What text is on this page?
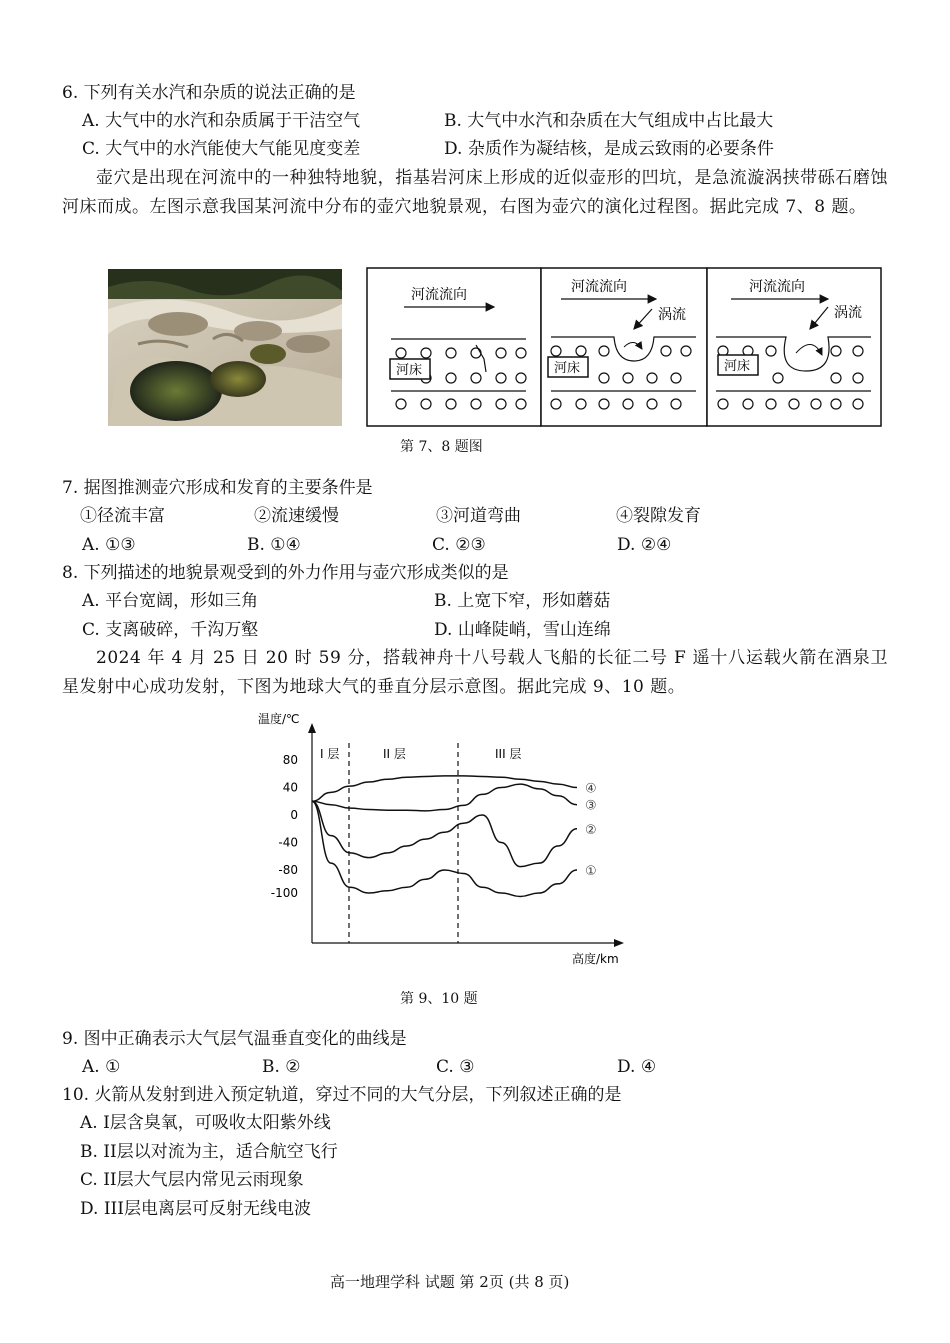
6. 下列有关水汽和杂质的说法正确的是
A. 大气中的水汽和杂质属于干洁空气	B. 大气中水汽和杂质在大气组成中占比最大
C. 大气中的水汽能使大气能见度变差	D. 杂质作为凝结核，是成云致雨的必要条件
壶穴是出现在河流中的一种独特地貌，指基岩河床上形成的近似壶形的凹坑，是急流漩涡挟带砾石磨蚀河床而成。左图示意我国某河流中分布的壶穴地貌景观，右图为壶穴的演化过程图。据此完成 7、8 题。
河流流向
河床
河流流向
涡流
河床
河流流向
涡流
河床
第 7、8 题图
7. 据图推测壶穴形成和发育的主要条件是
①径流丰富	②流速缓慢	③河道弯曲	④裂隙发育
A. ①③	B. ①④	C. ②③	D. ②④
8. 下列描述的地貌景观受到的外力作用与壶穴形成类似的是
A. 平台宽阔，形如三角	B. 上宽下窄，形如蘑菇
C. 支离破碎，千沟万壑	D. 山峰陡峭，雪山连绵
2024 年 4 月 25 日 20 时 59 分，搭载神舟十八号载人飞船的长征二号 F 遥十八运载火箭在酒泉卫星发射中心成功发射，下图为地球大气的垂直分层示意图。据此完成 9、10 题。
温度/℃
高度/km
80
40
0
-40
-80
-100
I 层	II 层	III 层
④
③
②
①
第 9、10 题
9. 图中正确表示大气层气温垂直变化的曲线是
A. ①	B. ②	C. ③	D. ④
10. 火箭从发射到进入预定轨道，穿过不同的大气分层，下列叙述正确的是
A. I层含臭氧，可吸收太阳紫外线
B. II层以对流为主，适合航空飞行
C. II层大气层内常见云雨现象
D. III层电离层可反射无线电波
高一地理学科 试题 第 2页 (共 8 页)
